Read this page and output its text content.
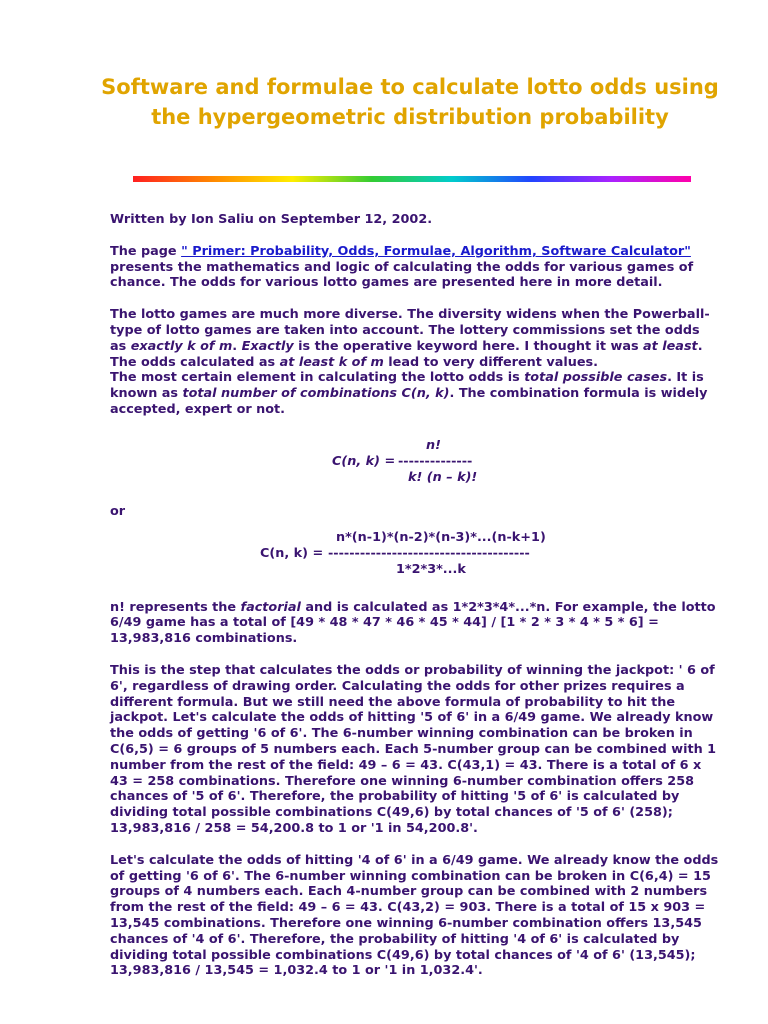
Software and formulae to calculate lotto odds using the hypergeometric distribution probability

Written by Ion Saliu on September 12, 2002.

The page " Primer: Probability, Odds, Formulae, Algorithm, Software Calculator" presents the mathematics and logic of calculating the odds for various games of chance. The odds for various lotto games are presented here in more detail.

The lotto games are much more diverse. The diversity widens when the Powerball-type of lotto games are taken into account. The lottery commissions set the odds as exactly k of m. Exactly is the operative keyword here. I thought it was at least.
The odds calculated as at least k of m lead to very different values.
The most certain element in calculating the lotto odds is total possible cases. It is known as total number of combinations C(n, k). The combination formula is widely accepted, expert or not.

n!
C(n, k) =
--------------
k! (n – k)!

or

n*(n-1)*(n-2)*(n-3)*...(n-k+1)
C(n, k) = --------------------------------------
1*2*3*...k

n! represents the factorial and is calculated as 1*2*3*4*...*n. For example, the lotto 6/49 game has a total of [49 * 48 * 47 * 46 * 45 * 44] / [1 * 2 * 3 * 4 * 5 * 6] = 13,983,816 combinations.

This is the step that calculates the odds or probability of winning the jackpot: ' 6 of 6', regardless of drawing order. Calculating the odds for other prizes requires a different formula. But we still need the above formula of probability to hit the jackpot. Let's calculate the odds of hitting '5 of 6' in a 6/49 game. We already know the odds of getting '6 of 6'. The 6-number winning combination can be broken in C(6,5) = 6 groups of 5 numbers each. Each 5-number group can be combined with 1 number from the rest of the field: 49 – 6 = 43. C(43,1) = 43. There is a total of 6 x 43 = 258 combinations. Therefore one winning 6-number combination offers 258 chances of '5 of 6'. Therefore, the probability of hitting '5 of 6' is calculated by dividing total possible combinations C(49,6) by total chances of '5 of 6' (258); 13,983,816 / 258 = 54,200.8 to 1 or '1 in 54,200.8'.

Let's calculate the odds of hitting '4 of 6' in a 6/49 game. We already know the odds of getting '6 of 6'. The 6-number winning combination can be broken in C(6,4) = 15 groups of 4 numbers each. Each 4-number group can be combined with 2 numbers from the rest of the field: 49 – 6 = 43. C(43,2) = 903. There is a total of 15 x 903 = 13,545 combinations. Therefore one winning 6-number combination offers 13,545 chances of '4 of 6'. Therefore, the probability of hitting '4 of 6' is calculated by dividing total possible combinations C(49,6) by total chances of '4 of 6' (13,545); 13,983,816 / 13,545 = 1,032.4 to 1 or '1 in 1,032.4'.
